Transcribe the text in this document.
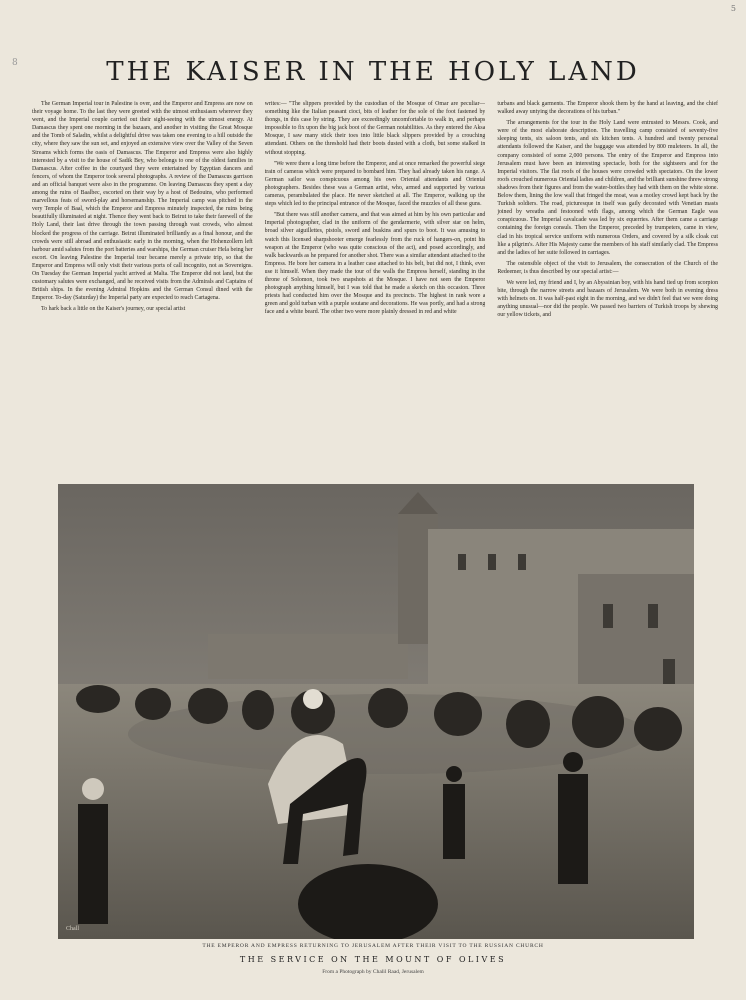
5
8	THE KAISER IN THE HOLY LAND

The German Imperial tour in Palestine is over, and the Emperor and Empress are now on their voyage home. To the last they were greeted with the utmost enthusiasm wherever they went, and the Imperial couple carried out their sight-seeing with the utmost energy. At Damascus they spent one morning in the bazaars, and another in visiting the Great Mosque and the Tomb of Saladin, whilst a delightful drive was taken one evening to a hill outside the city, where they saw the sun set, and enjoyed an extensive view over the Valley of the Seven Streams which forms the oasis of Damascus. The Emperor and Empress were also highly interested by a visit to the house of Sadik Bey, who belongs to one of the oldest families in Damascus. After coffee in the courtyard they were entertained by Egyptian dancers and fencers, of whom the Emperor took several photographs. A review of the Damascus garrison and an official banquet were also in the programme. On leaving Damascus they spent a day among the ruins of Baalbec, escorted on their way by a host of Bedouins, who performed marvellous feats of sword-play and horsemanship. The Imperial camp was pitched in the very Temple of Baal, which the Emperor and Empress minutely inspected, the ruins being beautifully illuminated at night. Thence they went back to Beirut to take their farewell of the Holy Land, their last drive through the town passing through vast crowds, who almost blocked the progress of the carriage. Beirut illuminated brilliantly as a final honour, and the crowds were still abroad and enthusiastic early in the morning, when the Hohenzollern left harbour amid salutes from the port batteries and warships, the German cruiser Hela being her escort. On leaving Palestine the Imperial tour became merely a private trip, so that the Emperor and Empress will only visit their various ports of call incognito, not as Sovereigns. On Tuesday the German Imperial yacht arrived at Malta. The Emperor did not land, but the customary salutes were exchanged, and he received visits from the Admirals and Captains of British ships. In the evening Admiral Hopkins and the German Consul dined with the Emperor. To-day (Saturday) the Imperial party are expected to reach Cartagena.

To hark back a little on the Kaiser's journey, our special artist

writes:— "The slippers provided by the custodian of the Mosque of Omar are peculiar—something like the Italian peasant cioci, bits of leather for the sole of the foot fastened by thongs, in this case by string. They are exceedingly uncomfortable to walk in, and perhaps impossible to fix upon the big jack boot of the German notabilities. As they entered the Aksa Mosque, I saw many stick their toes into little black slippers provided by a crouching attendant. Others on the threshold had their boots dusted with a cloth, but some stalked in without stopping.

"We were there a long time before the Emperor, and at once remarked the powerful siege train of cameras which were prepared to bombard him. They had already taken his range. A German sailor was conspicuous among his own Oriental attendants and Oriental photographers. Besides these was a German artist, who, armed and supported by various cameras, perambulated the place. He never sketched at all. The Emperor, walking up the steps which led to the principal entrance of the Mosque, faced the muzzles of all these guns.

"But there was still another camera, and that was aimed at him by his own particular and Imperial photographer, clad in the uniform of the gendarmerie, with silver star on helm, broad silver aiguillettes, pistols, sword and buskins and spurs to boot. It was amusing to watch this licensed sharpshooter emerge fearlessly from the ruck of hangers-on, point his weapon at the Emperor (who was quite conscious of the act), and posed accordingly, and walk backwards as he prepared for another shot. There was a similar attendant attached to the Empress. He bore her camera in a leather case attached to his belt, but did not, I think, ever use it himself. When they made the tour of the walls the Empress herself, standing in the throne of Solomon, took two snapshots at the Mosque. I have not seen the Emperor photograph anything himself, but I was told that he made a sketch on this occasion. Three priests had conducted him over the Mosque and its precincts. The highest in rank wore a green and gold turban with a purple soutane and decorations. He was portly, and had a strong face and a white beard. The other two were more plainly dressed in red and white

turbans and black garments. The Emperor shook them by the hand at leaving, and the chief walked away untying the decorations of his turban."

The arrangements for the tour in the Holy Land were entrusted to Messrs. Cook, and were of the most elaborate description. The travelling camp consisted of seventy-five sleeping tents, six saloon tents, and six kitchen tents. A hundred and twenty personal attendants followed the Kaiser, and the baggage was attended by 800 muleteers. In all, the company consisted of some 2,000 persons. The entry of the Emperor and Empress into Jerusalem must have been an interesting spectacle, both for the sightseers and for the Imperial visitors. The flat roofs of the houses were crowded with spectators. On the lower roofs crouched numerous Oriental ladies and children, and the brilliant sunshine threw strong shadows from their figures and from the water-bottles they had with them on the white stone. Below them, lining the low wall that fringed the moat, was a motley crowd kept back by the Turkish soldiers. The road, picturesque in itself was gaily decorated with Venetian masts joined by wreaths and festooned with flags, among which the German Eagle was conspicuous. The Imperial cavalcade was led by six equerries. After them came a carriage containing the foreign consuls. Then the Emperor, preceded by trumpeters, came in view, clad in his tropical service uniform with numerous Orders, and covered by a silk cloak cut like a pilgrim's. After His Majesty came the members of his staff similarly clad. The Empress and the ladies of her suite followed in carriages.

The ostensible object of the visit to Jerusalem, the consecration of the Church of the Redeemer, is thus described by our special artist:—

We were led, my friend and I, by an Abyssinian boy, with his hand tied up from scorpion bite, through the narrow streets and bazaars of Jerusalem. We were both in evening dress with helmets on. It was half-past eight in the morning, and we didn't feel that we were doing anything unusual—nor did the people. We passed two barriers of Turkish troops by shewing our yellow tickets, and

Chall
THE EMPEROR AND EMPRESS RETURNING TO JERUSALEM AFTER THEIR VISIT TO THE RUSSIAN CHURCH
THE SERVICE ON THE MOUNT OF OLIVES
From a Photograph by Chalil Raad, Jerusalem
